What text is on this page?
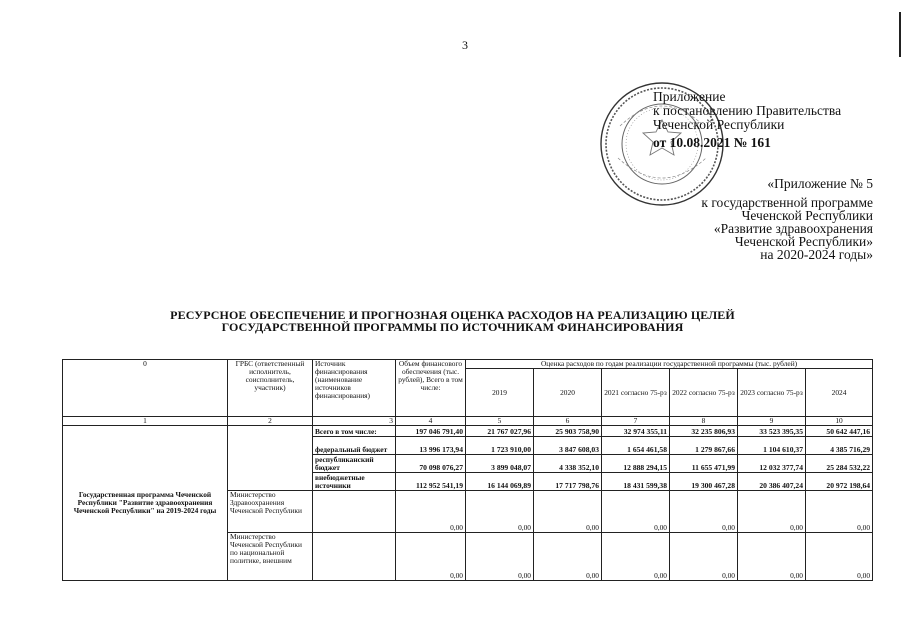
3
Приложение
к постановлению Правительства
Чеченской Республики
от 10.08.2021 № 161
«Приложение № 5
к государственной программе
Чеченской Республики
«Развитие здравоохранения
Чеченской Республики»
на 2020-2024 годы»
РЕСУРСНОЕ ОБЕСПЕЧЕНИЕ И ПРОГНОЗНАЯ ОЦЕНКА РАСХОДОВ НА РЕАЛИЗАЦИЮ ЦЕЛЕЙ
ГОСУДАРСТВЕННОЙ ПРОГРАММЫ ПО ИСТОЧНИКАМ ФИНАНСИРОВАНИЯ
0	ГРБС (ответственный исполнитель, соисполнитель, участник)	Источник финансирования (наименование источников финансирования)	Объем финансового обеспечения (тыс. рублей), Всего в том числе:	Оценка расходов по годам реализации государственной программы (тыс. рублей)					
				2019	2020	2021 согласно 75-рз	2022 согласно 75-рз	2023 согласно 75-рз	2024
1	2	3	4	5	6	7	8	9	10
Государственная программа Чеченской Республики "Развитие здравоохранения Чеченской Республики" на 2019-2024 годы		Всего в том числе:	197 046 791,40	21 767 027,96	25 903 758,90	32 974 355,11	32 235 806,93	33 523 395,35	50 642 447,16
		федеральный бюджет	13 996 173,94	1 723 910,00	3 847 608,03	1 654 461,58	1 279 867,66	1 104 610,37	4 385 716,29
		республиканский бюджет	70 098 076,27	3 899 048,07	4 338 352,10	12 888 294,15	11 655 471,99	12 032 377,74	25 284 532,22
		внебюджетные источники	112 952 541,19	16 144 069,89	17 717 798,76	18 431 599,38	19 300 467,28	20 386 407,24	20 972 198,64
	Министерство Здравоохранения Чеченской Республики		0,00	0,00	0,00	0,00	0,00	0,00	0,00
	Министерство Чеченской Республики по национальной политике, внешним		0,00	0,00	0,00	0,00	0,00	0,00	0,00
